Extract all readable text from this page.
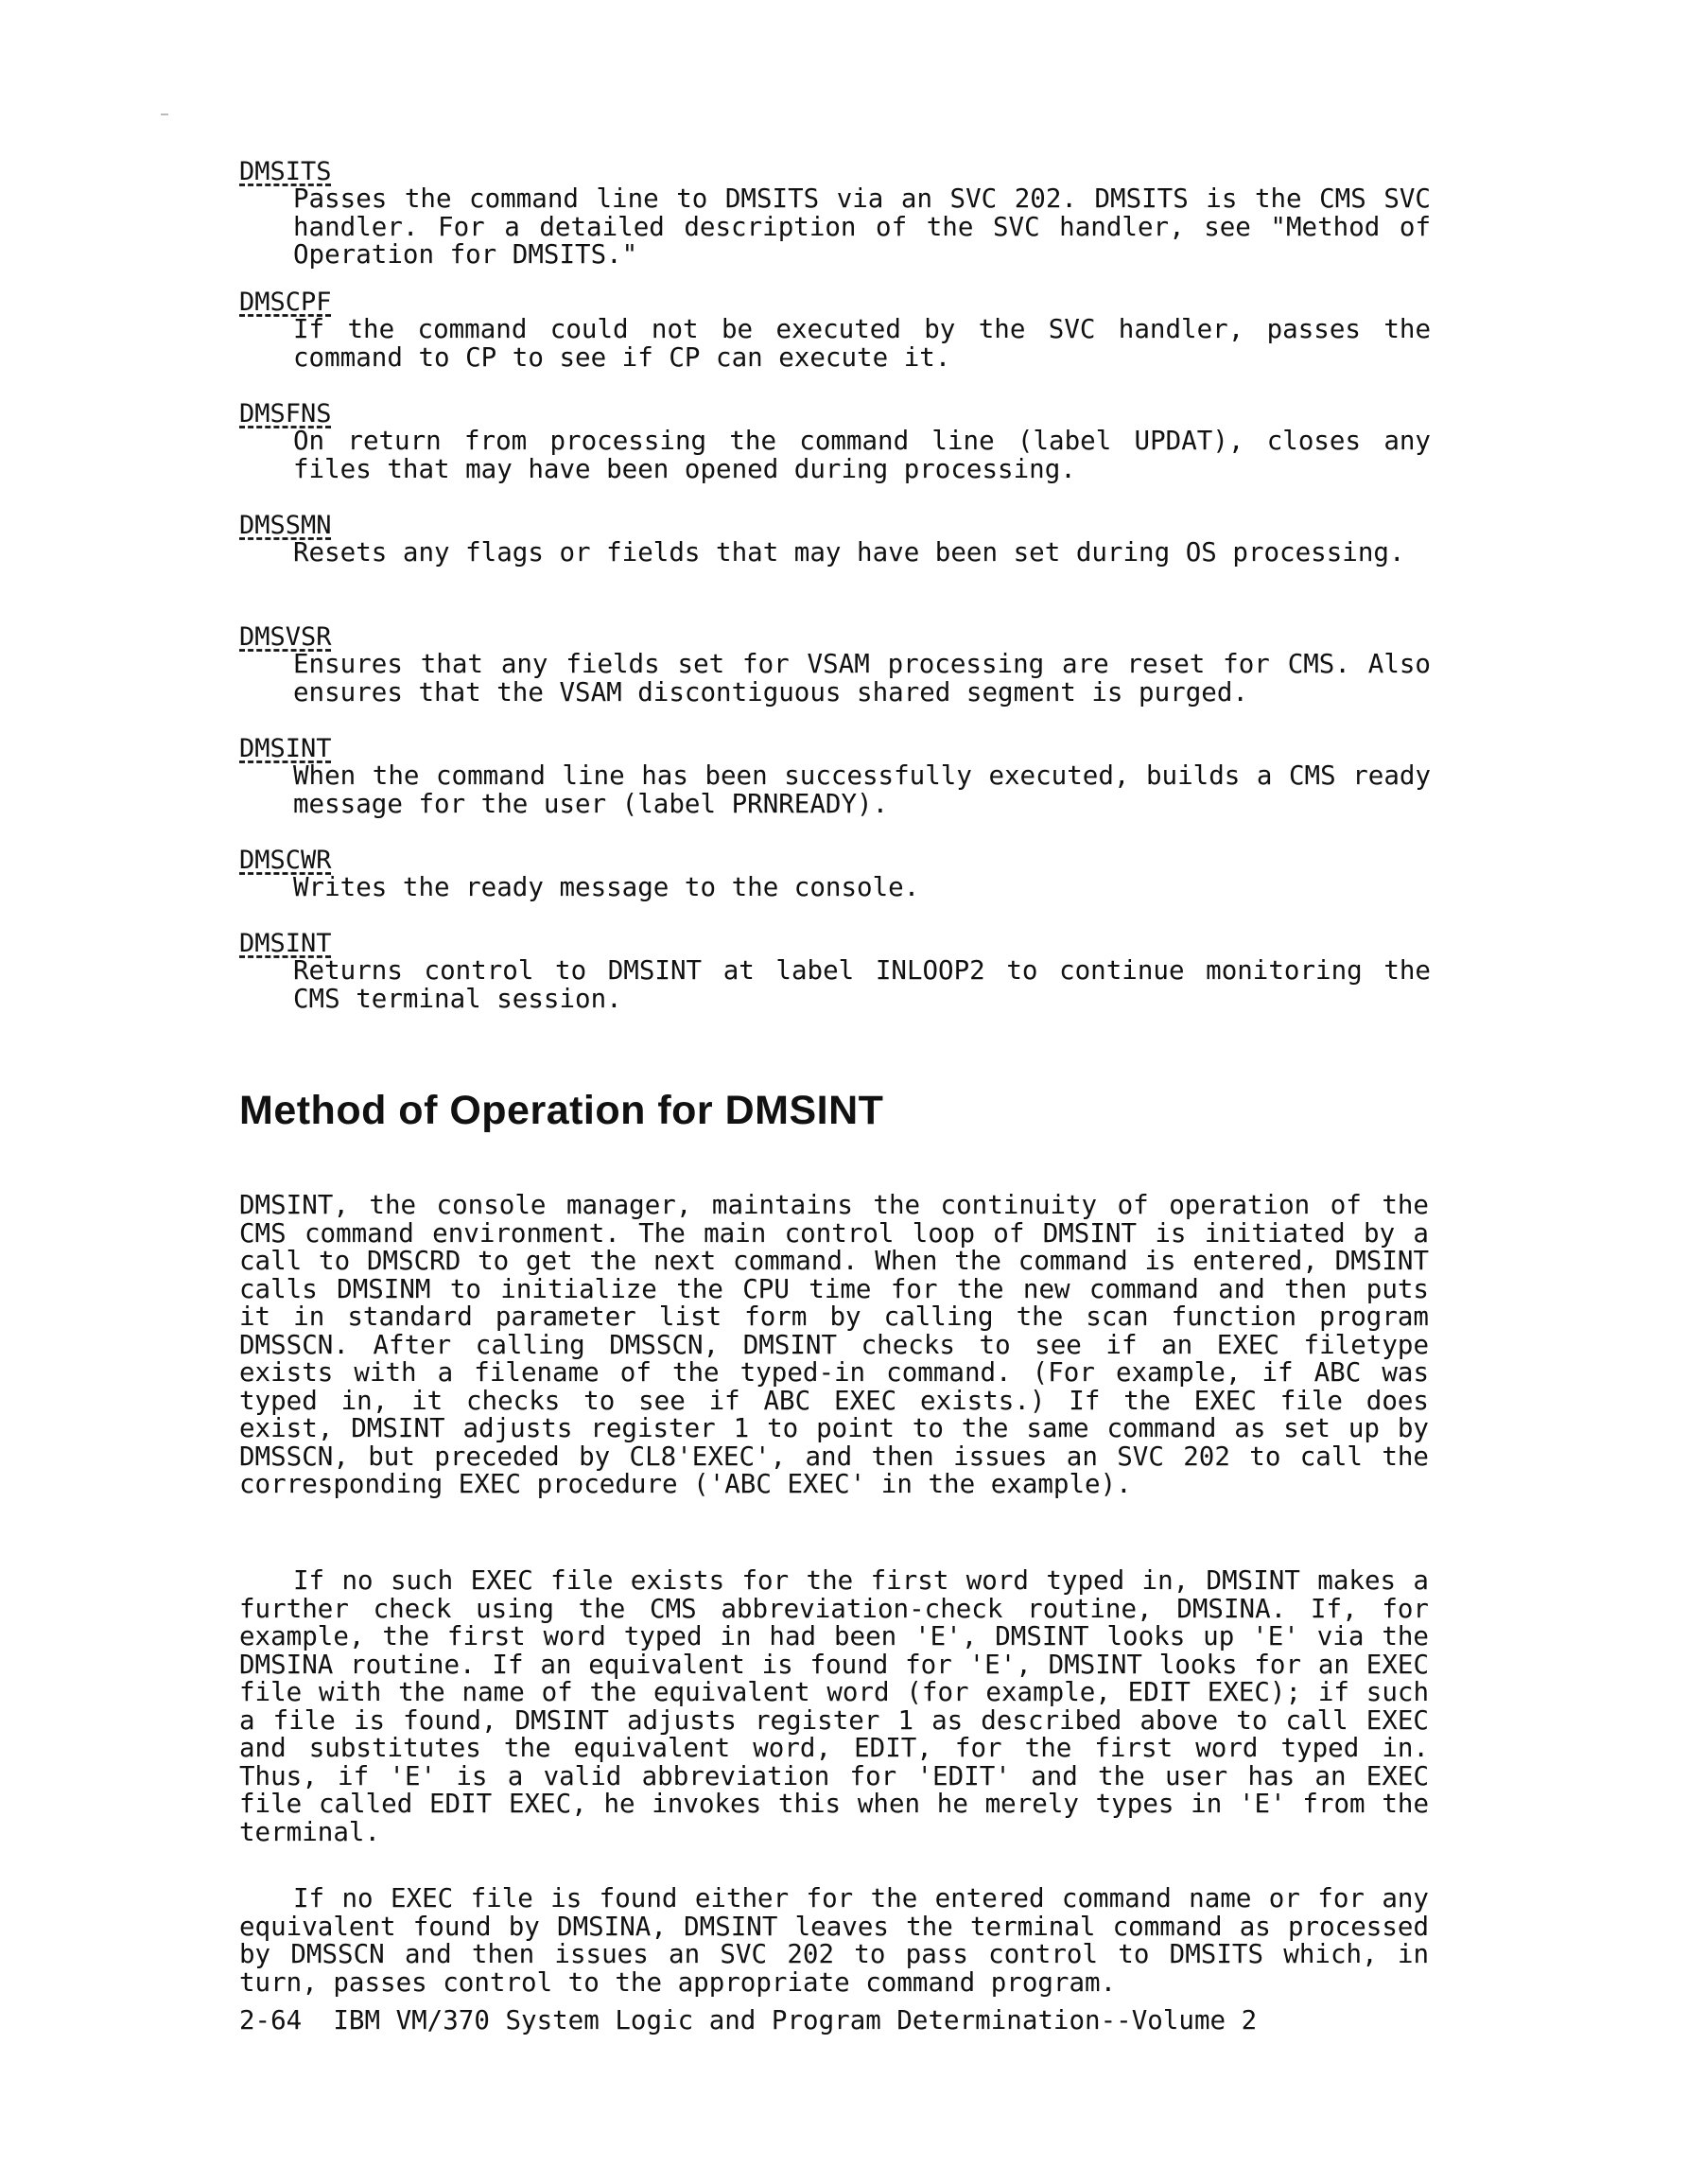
DMSITS
Passes the command line to DMSITS via an SVC 202. DMSITS is the CMS SVC handler. For a detailed description of the SVC handler, see "Method of Operation for DMSITS."
DMSCPF
If the command could not be executed by the SVC handler, passes the command to CP to see if CP can execute it.
DMSFNS
On return from processing the command line (label UPDAT), closes any files that may have been opened during processing.
DMSSMN
Resets any flags or fields that may have been set during OS processing.
DMSVSR
Ensures that any fields set for VSAM processing are reset for CMS. Also ensures that the VSAM discontiguous shared segment is purged.
DMSINT
When the command line has been successfully executed, builds a CMS ready message for the user (label PRNREADY).
DMSCWR
Writes the ready message to the console.
DMSINT
Returns control to DMSINT at label INLOOP2 to continue monitoring the CMS terminal session.
Method of Operation for DMSINT
DMSINT, the console manager, maintains the continuity of operation of the CMS command environment. The main control loop of DMSINT is initiated by a call to DMSCRD to get the next command. When the command is entered, DMSINT calls DMSINM to initialize the CPU time for the new command and then puts it in standard parameter list form by calling the scan function program DMSSCN. After calling DMSSCN, DMSINT checks to see if an EXEC filetype exists with a filename of the typed-in command. (For example, if ABC was typed in, it checks to see if ABC EXEC exists.) If the EXEC file does exist, DMSINT adjusts register 1 to point to the same command as set up by DMSSCN, but preceded by CL8'EXEC', and then issues an SVC 202 to call the corresponding EXEC procedure ('ABC EXEC' in the example).
If no such EXEC file exists for the first word typed in, DMSINT makes a further check using the CMS abbreviation-check routine, DMSINA. If, for example, the first word typed in had been 'E', DMSINT looks up 'E' via the DMSINA routine. If an equivalent is found for 'E', DMSINT looks for an EXEC file with the name of the equivalent word (for example, EDIT EXEC); if such a file is found, DMSINT adjusts register 1 as described above to call EXEC and substitutes the equivalent word, EDIT, for the first word typed in. Thus, if 'E' is a valid abbreviation for 'EDIT' and the user has an EXEC file called EDIT EXEC, he invokes this when he merely types in 'E' from the terminal.
If no EXEC file is found either for the entered command name or for any equivalent found by DMSINA, DMSINT leaves the terminal command as processed by DMSSCN and then issues an SVC 202 to pass control to DMSITS which, in turn, passes control to the appropriate command program.
2-64  IBM VM/370 System Logic and Program Determination--Volume 2
